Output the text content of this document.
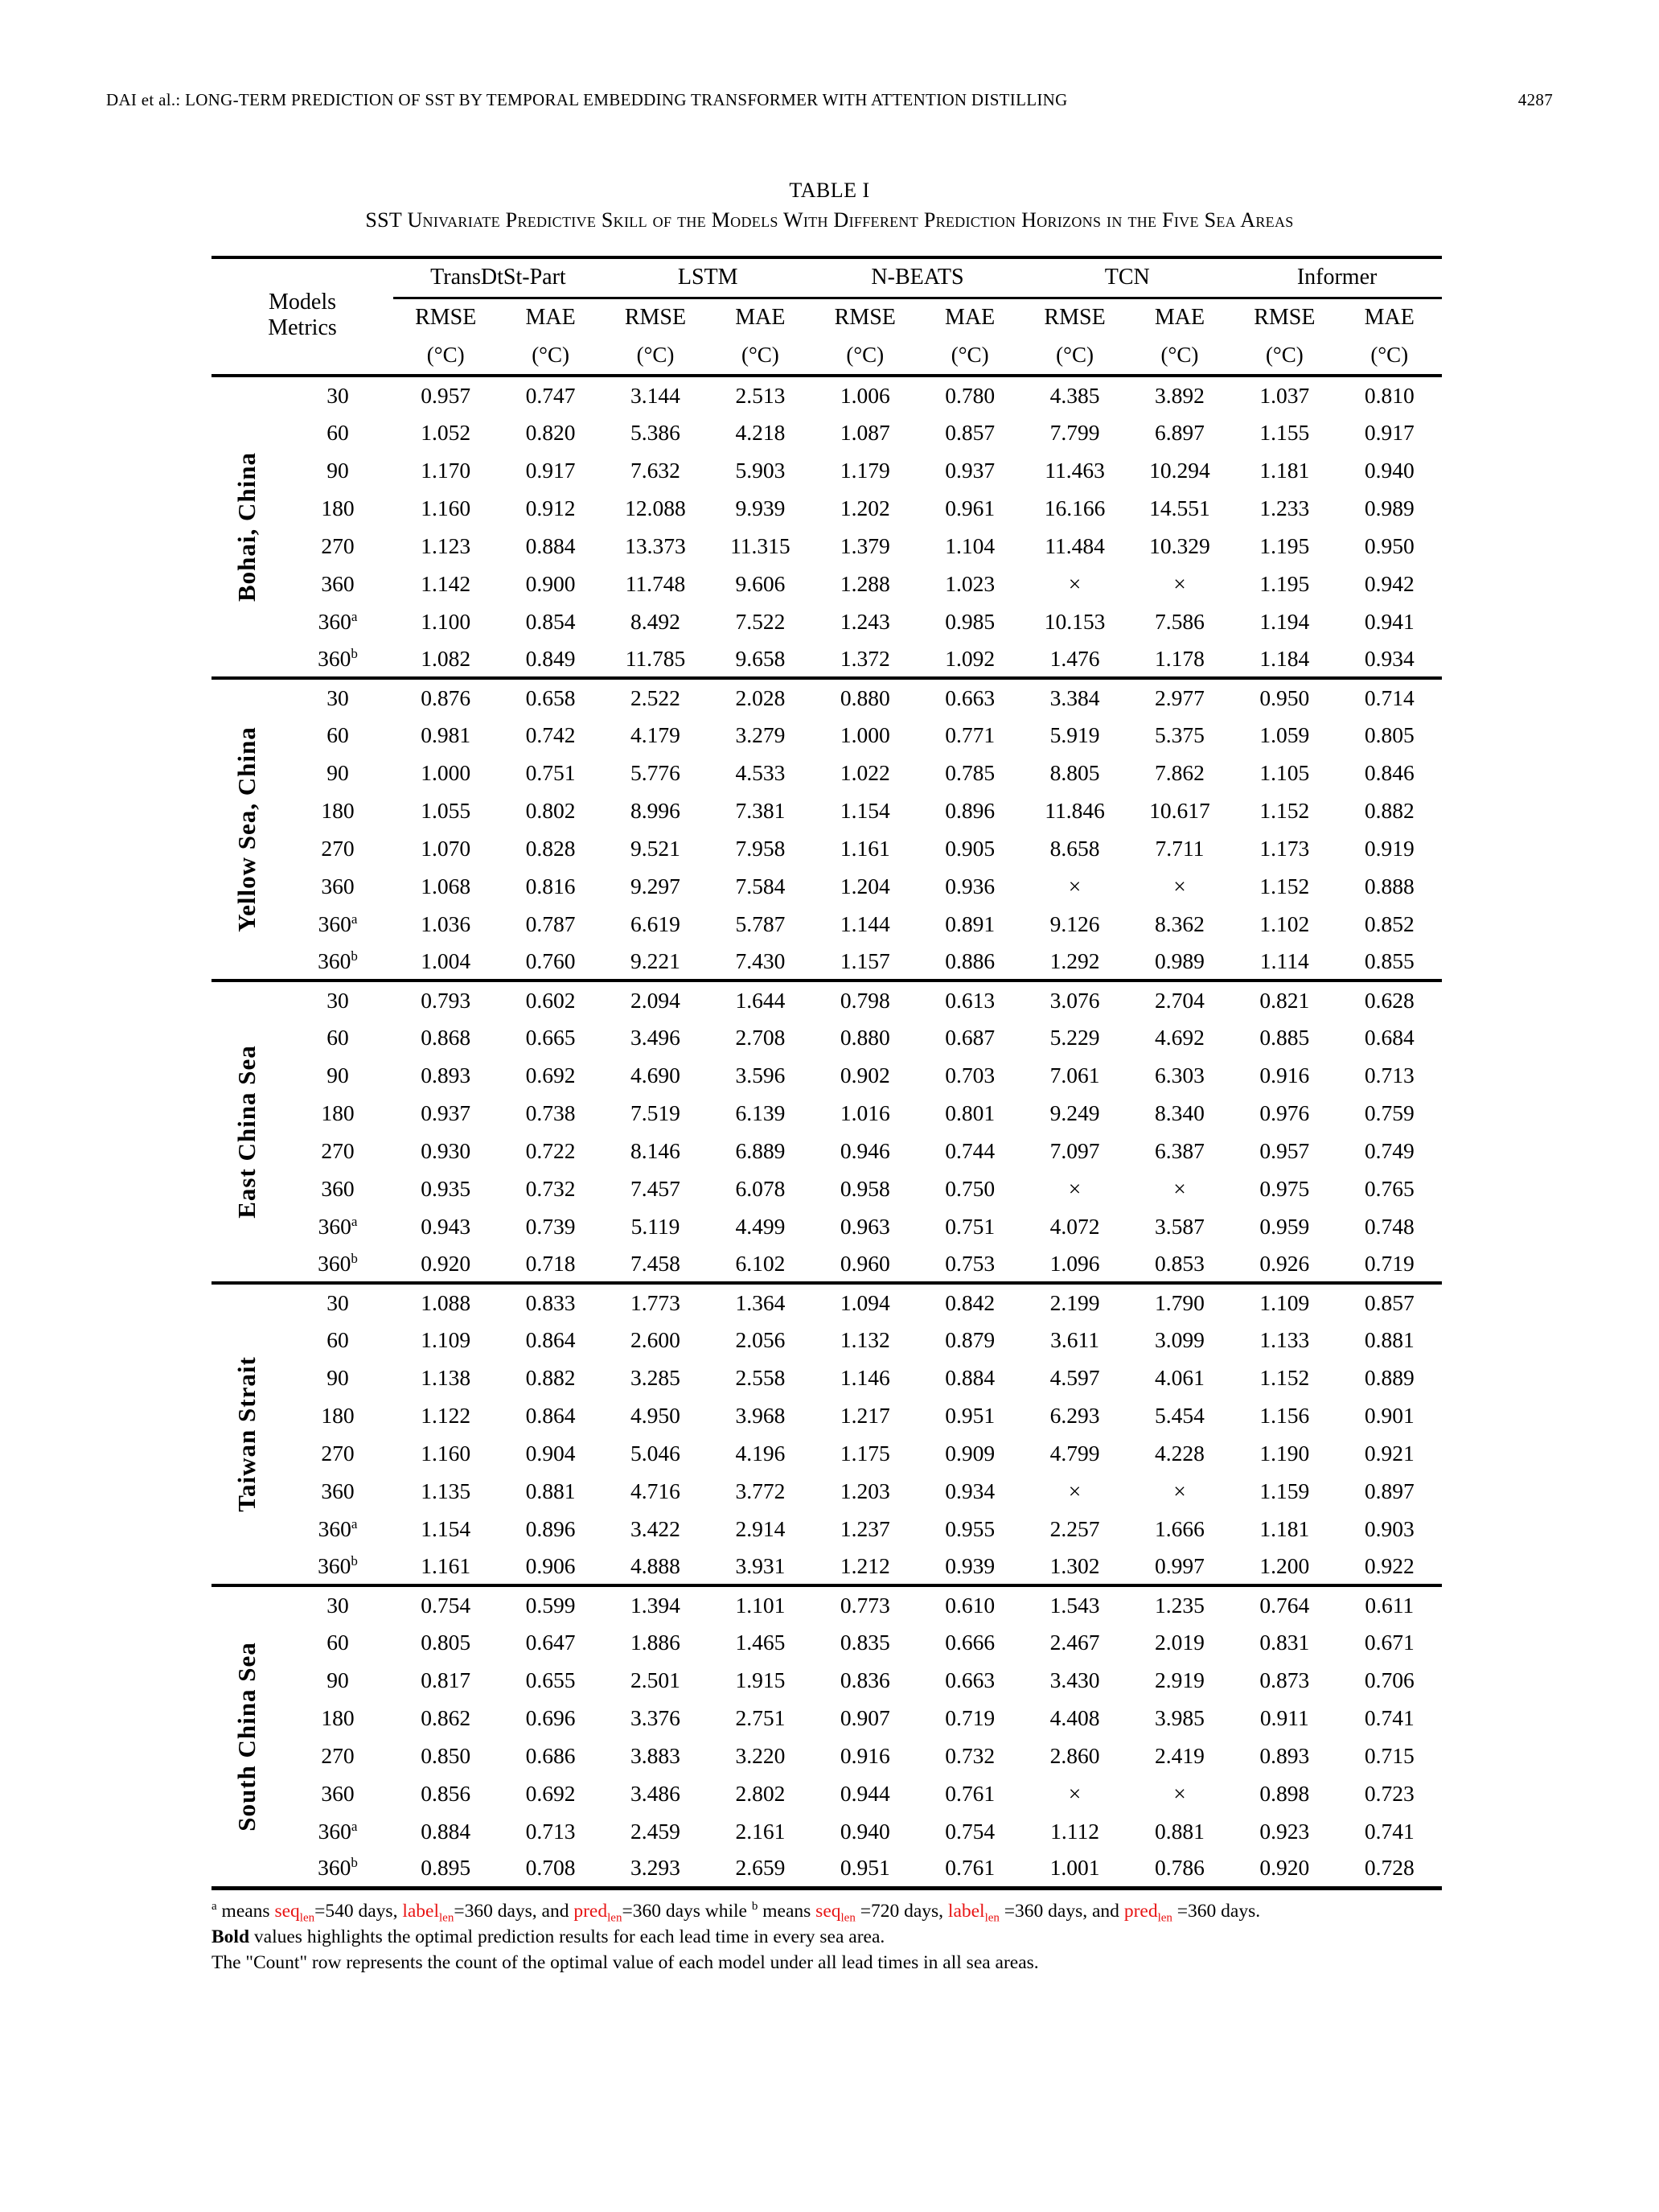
DAI et al.: LONG-TERM PREDICTION OF SST BY TEMPORAL EMBEDDING TRANSFORMER WITH ATTENTION DISTILLING	4287
TABLE I
SST Univariate Predictive Skill of the Models With Different Prediction Horizons in the Five Sea Areas
Models
Metrics		TransDtSt-Part		LSTM		N-BEATS		TCN		Informer	
		RMSE	MAE	RMSE	MAE	RMSE	MAE	RMSE	MAE	RMSE	MAE
		(°C)	(°C)	(°C)	(°C)	(°C)	(°C)	(°C)	(°C)	(°C)	(°C)

Bohai, China	30	0.957	0.747	3.144	2.513	1.006	0.780	4.385	3.892	1.037	0.810
	60	1.052	0.820	5.386	4.218	1.087	0.857	7.799	6.897	1.155	0.917
	90	1.170	0.917	7.632	5.903	1.179	0.937	11.463	10.294	1.181	0.940
	180	1.160	0.912	12.088	9.939	1.202	0.961	16.166	14.551	1.233	0.989
	270	1.123	0.884	13.373	11.315	1.379	1.104	11.484	10.329	1.195	0.950
	360	1.142	0.900	11.748	9.606	1.288	1.023	×	×	1.195	0.942
	360$^a$	1.100	0.854	8.492	7.522	1.243	0.985	10.153	7.586	1.194	0.941
	360$^b$	1.082	0.849	11.785	9.658	1.372	1.092	1.476	1.178	1.184	0.934

Yellow Sea, China	30	0.876	0.658	2.522	2.028	0.880	0.663	3.384	2.977	0.950	0.714
	60	0.981	0.742	4.179	3.279	1.000	0.771	5.919	5.375	1.059	0.805
	90	1.000	0.751	5.776	4.533	1.022	0.785	8.805	7.862	1.105	0.846
	180	1.055	0.802	8.996	7.381	1.154	0.896	11.846	10.617	1.152	0.882
	270	1.070	0.828	9.521	7.958	1.161	0.905	8.658	7.711	1.173	0.919
	360	1.068	0.816	9.297	7.584	1.204	0.936	×	×	1.152	0.888
	360$^a$	1.036	0.787	6.619	5.787	1.144	0.891	9.126	8.362	1.102	0.852
	360$^b$	1.004	0.760	9.221	7.430	1.157	0.886	1.292	0.989	1.114	0.855

East China Sea	30	0.793	0.602	2.094	1.644	0.798	0.613	3.076	2.704	0.821	0.628
	60	0.868	0.665	3.496	2.708	0.880	0.687	5.229	4.692	0.885	0.684
	90	0.893	0.692	4.690	3.596	0.902	0.703	7.061	6.303	0.916	0.713
	180	0.937	0.738	7.519	6.139	1.016	0.801	9.249	8.340	0.976	0.759
	270	0.930	0.722	8.146	6.889	0.946	0.744	7.097	6.387	0.957	0.749
	360	0.935	0.732	7.457	6.078	0.958	0.750	×	×	0.975	0.765
	360$^a$	0.943	0.739	5.119	4.499	0.963	0.751	4.072	3.587	0.959	0.748
	360$^b$	0.920	0.718	7.458	6.102	0.960	0.753	1.096	0.853	0.926	0.719

Taiwan Strait	30	1.088	0.833	1.773	1.364	1.094	0.842	2.199	1.790	1.109	0.857
	60	1.109	0.864	2.600	2.056	1.132	0.879	3.611	3.099	1.133	0.881
	90	1.138	0.882	3.285	2.558	1.146	0.884	4.597	4.061	1.152	0.889
	180	1.122	0.864	4.950	3.968	1.217	0.951	6.293	5.454	1.156	0.901
	270	1.160	0.904	5.046	4.196	1.175	0.909	4.799	4.228	1.190	0.921
	360	1.135	0.881	4.716	3.772	1.203	0.934	×	×	1.159	0.897
	360$^a$	1.154	0.896	3.422	2.914	1.237	0.955	2.257	1.666	1.181	0.903
	360$^b$	1.161	0.906	4.888	3.931	1.212	0.939	1.302	0.997	1.200	0.922

South China Sea	30	0.754	0.599	1.394	1.101	0.773	0.610	1.543	1.235	0.764	0.611
	60	0.805	0.647	1.886	1.465	0.835	0.666	2.467	2.019	0.831	0.671
	90	0.817	0.655	2.501	1.915	0.836	0.663	3.430	2.919	0.873	0.706
	180	0.862	0.696	3.376	2.751	0.907	0.719	4.408	3.985	0.911	0.741
	270	0.850	0.686	3.883	3.220	0.916	0.732	2.860	2.419	0.893	0.715
	360	0.856	0.692	3.486	2.802	0.944	0.761	×	×	0.898	0.723
	360$^a$	0.884	0.713	2.459	2.161	0.940	0.754	1.112	0.881	0.923	0.741
	360$^b$	0.895	0.708	3.293	2.659	0.951	0.761	1.001	0.786	0.920	0.728
$^a$ means seq$_{len}$=540 days, label$_{len}$=360 days, and pred$_{len}$=360 days while $^b$ means seq$_{len}$ =720 days, label$_{len}$ =360 days, and pred$_{len}$ =360 days.
Bold values highlights the optimal prediction results for each lead time in every sea area.
The "Count" row represents the count of the optimal value of each model under all lead times in all sea areas.
